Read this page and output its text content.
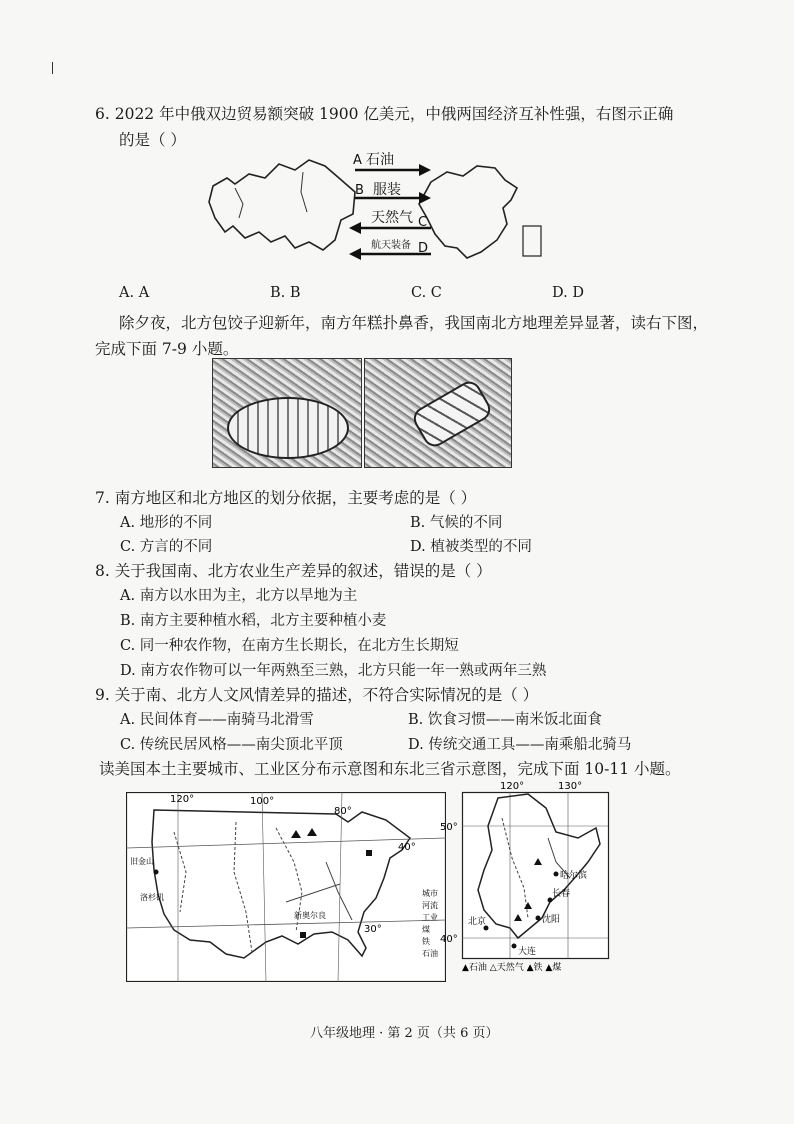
6. 2022 年中俄双边贸易额突破 1900 亿美元，中俄两国经济互补性强，右图示正确
的是（ ）
A 石油
B 服装
天然气 C
航天装备 D
A. A	B. B	C. C	D. D
除夕夜，北方包饺子迎新年，南方年糕扑鼻香，我国南北方地理差异显著，读右下图，
完成下面 7-9 小题。
7. 南方地区和北方地区的划分依据，主要考虑的是（ ）
A. 地形的不同	B. 气候的不同
C. 方言的不同	D. 植被类型的不同
8. 关于我国南、北方农业生产差异的叙述，错误的是（ ）
A. 南方以水田为主，北方以旱地为主
B. 南方主要种植水稻，北方主要种植小麦
C. 同一种农作物，在南方生长期长，在北方生长期短
D. 南方农作物可以一年两熟至三熟，北方只能一年一熟或两年三熟
9. 关于南、北方人文风情差异的描述，不符合实际情况的是（ ）
A. 民间体育——南骑马北滑雪	B. 饮食习惯——南米饭北面食
C. 传统民居风格——南尖顶北平顶	D. 传统交通工具——南乘船北骑马
读美国本土主要城市、工业区分布示意图和东北三省示意图，完成下面 10-11 小题。
120°	100°
80°
40°
30°
旧金山
洛杉矶
新奥尔良
城市
河流
工业
煤
铁
石油
120°	130°
50°
40°
哈尔滨
长春
沈阳
北京
大连
▲石油 △天然气 ▲铁 ▲煤
八年级地理 · 第 2 页（共 6 页）
